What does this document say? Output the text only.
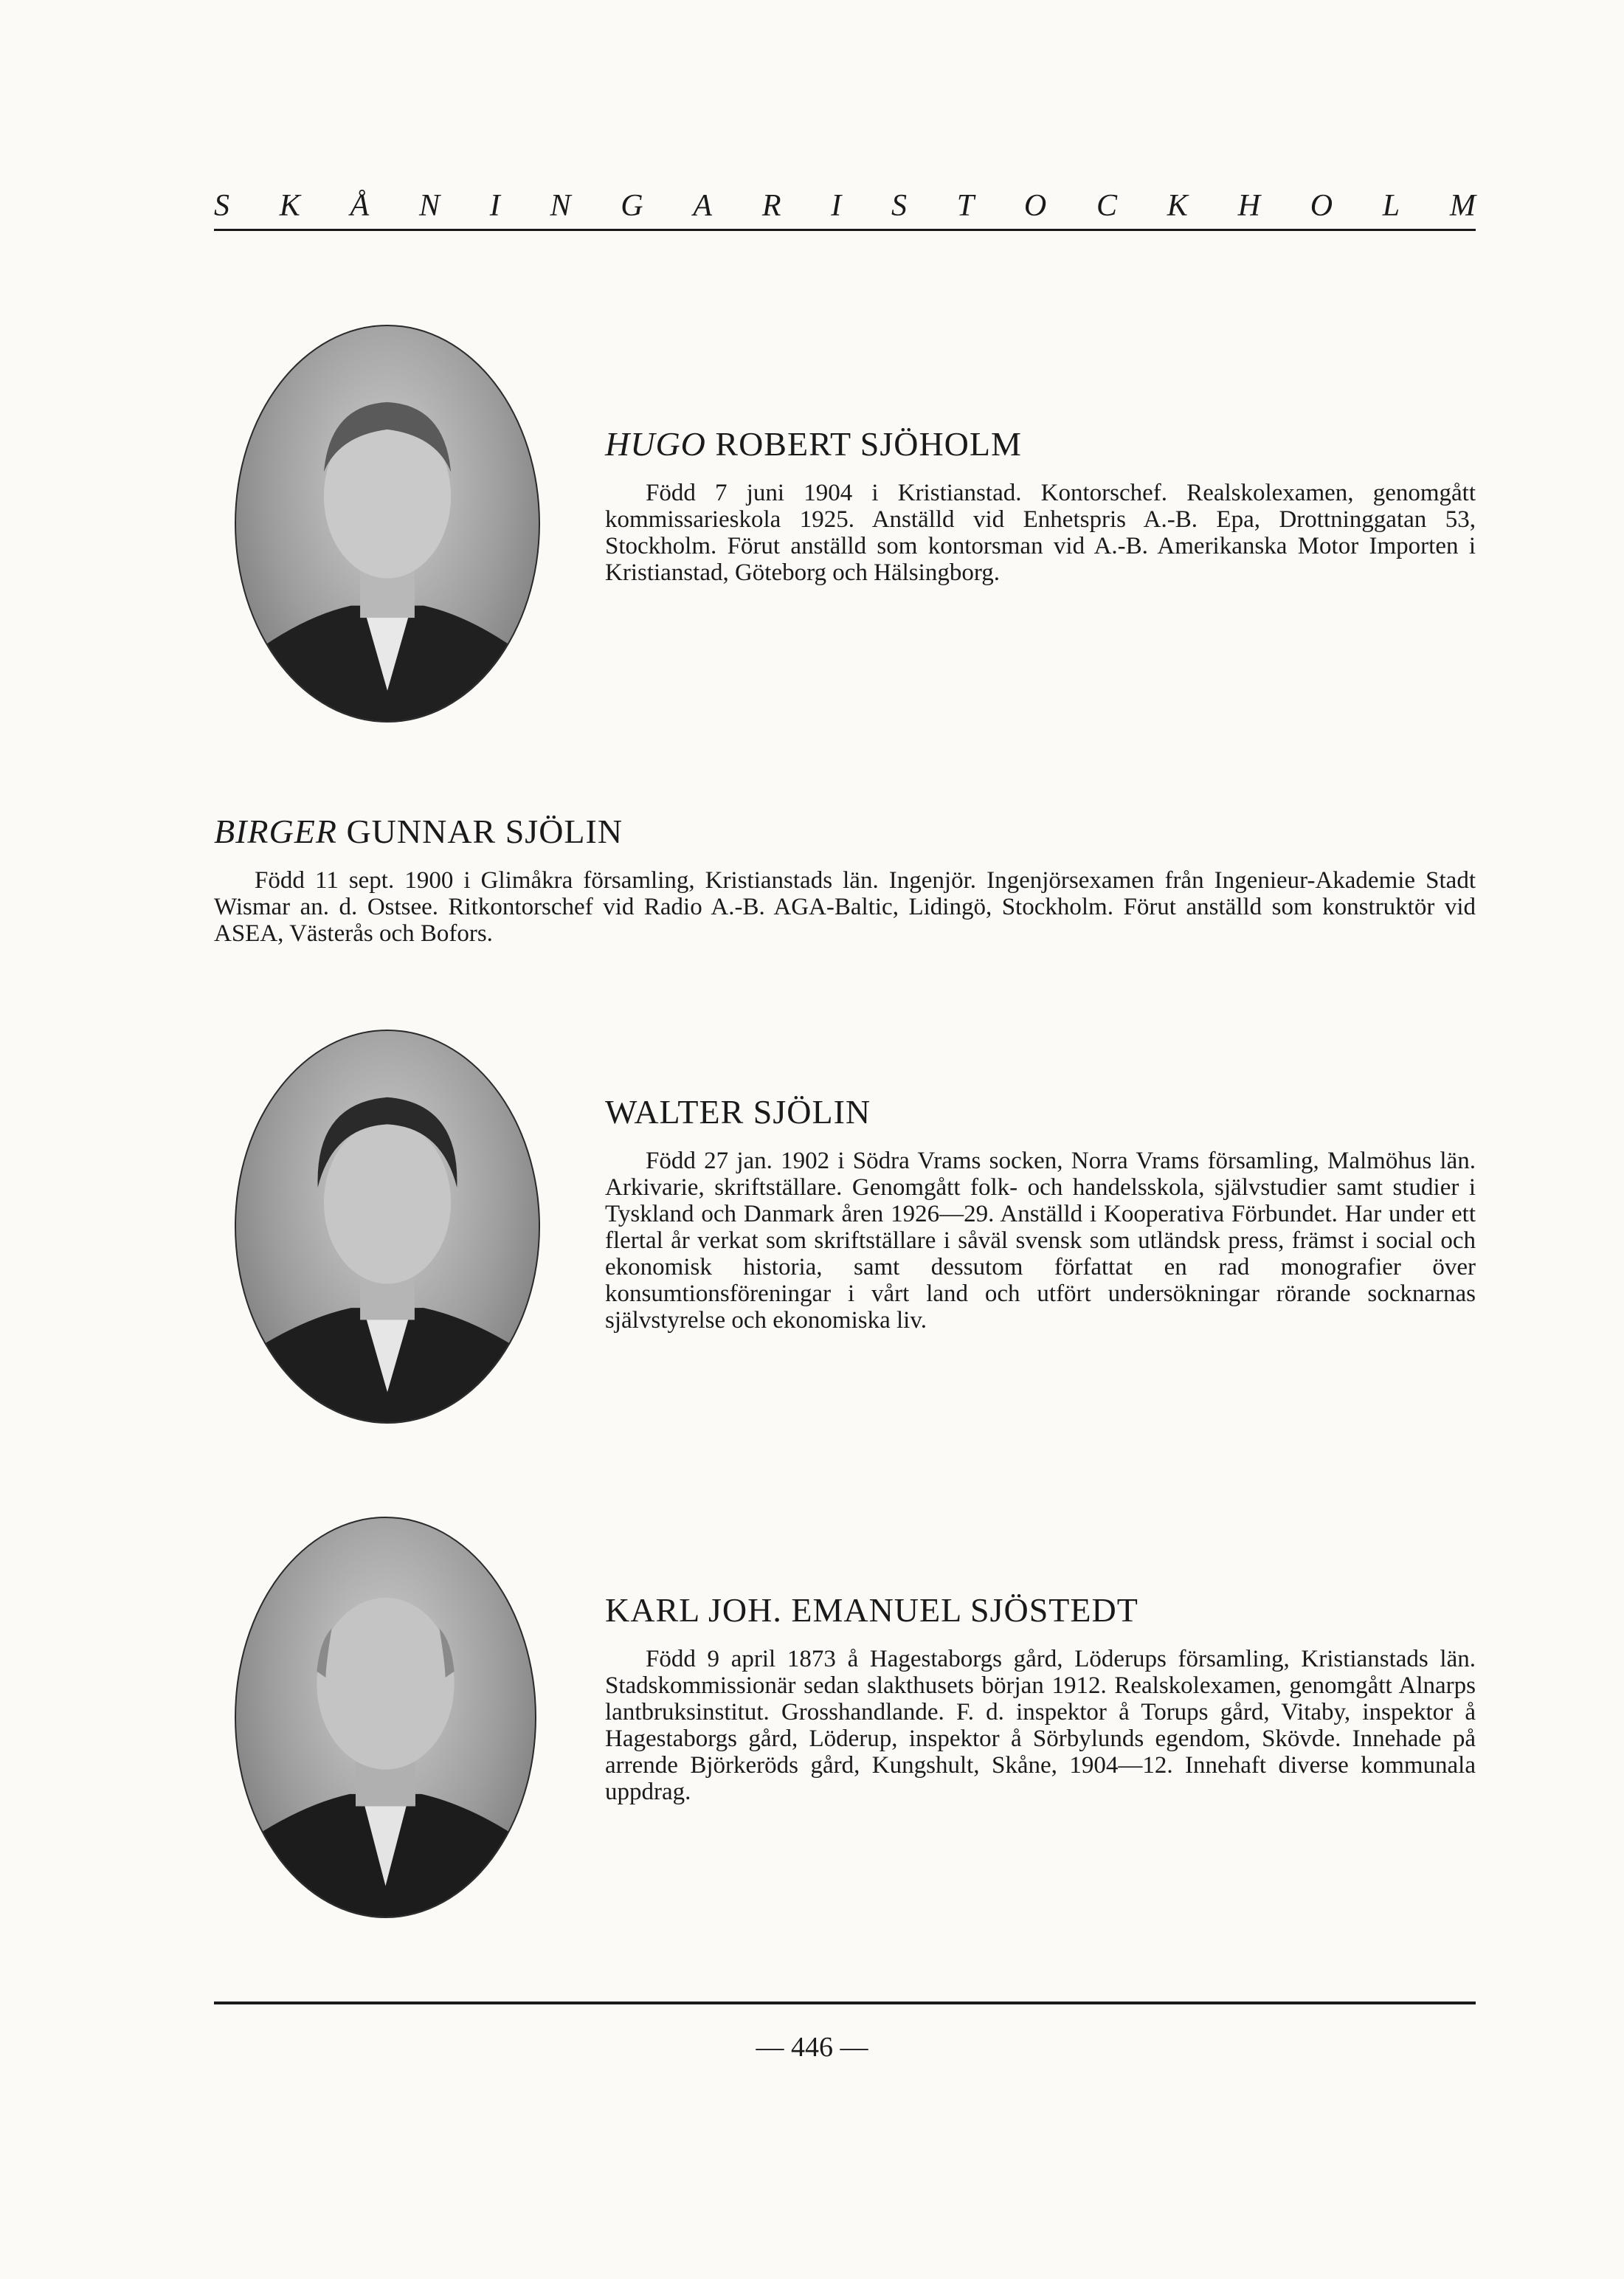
S K Å N I N G A R I S T O C K H O L M
HUGO ROBERT SJÖHOLM

Född 7 juni 1904 i Kristianstad. Kontorschef. Realskolexamen, genomgått kommissarieskola 1925. Anställd vid Enhetspris A.-B. Epa, Drottninggatan 53, Stockholm. Förut anställd som kontorsman vid A.-B. Amerikanska Motor Importen i Kristianstad, Göteborg och Hälsingborg.

BIRGER GUNNAR SJÖLIN

Född 11 sept. 1900 i Glimåkra församling, Kristianstads län. Ingenjör. Ingenjörsexamen från Ingenieur-Akademie Stadt Wismar an. d. Ostsee. Ritkontorschef vid Radio A.-B. AGA-Baltic, Lidingö, Stockholm. Förut anställd som konstruktör vid ASEA, Västerås och Bofors.

WALTER SJÖLIN

Född 27 jan. 1902 i Södra Vrams socken, Norra Vrams församling, Malmöhus län. Arkivarie, skriftställare. Genomgått folk- och handelsskola, självstudier samt studier i Tyskland och Danmark åren 1926—29. Anställd i Kooperativa Förbundet. Har under ett flertal år verkat som skriftställare i såväl svensk som utländsk press, främst i social och ekonomisk historia, samt dessutom författat en rad monografier över konsumtionsföreningar i vårt land och utfört undersökningar rörande socknarnas självstyrelse och ekonomiska liv.

KARL JOH. EMANUEL SJÖSTEDT

Född 9 april 1873 å Hagestaborgs gård, Löderups församling, Kristianstads län. Stadskommissionär sedan slakthusets början 1912. Realskolexamen, genomgått Alnarps lantbruksinstitut. Grosshandlande. F. d. inspektor å Torups gård, Vitaby, inspektor å Hagestaborgs gård, Löderup, inspektor å Sörbylunds egendom, Skövde. Innehade på arrende Björkeröds gård, Kungshult, Skåne, 1904—12. Innehaft diverse kommunala uppdrag.

— 446 —
